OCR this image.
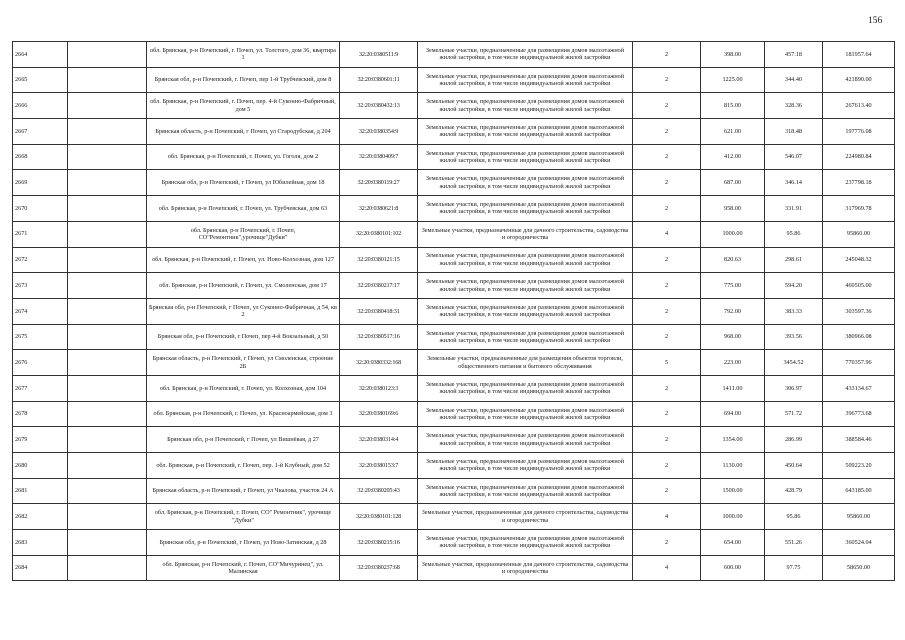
156
2664		обл. Брянская, р-н Почепский, г. Почеп, ул. Толстого, дом 36, квартира 1	32:20:0380511:9	Земельные участки, предназначенные для размещения домов малоэтажной жилой застройки, в том числе индивидуальной жилой застройки	2	398.00	457.18	181957.64
2665		Брянская обл, р-н Почепский, г. Почеп, пер 1-й Трубчевский, дом 8	32:20:0380601:11	Земельные участки, предназначенные для размещения домов малоэтажной жилой застройки, в том числе индивидуальной жилой застройки	2	1225.00	344.40	421890.00
2666		обл. Брянская, р-н Почепский, г. Почеп, пер. 4-й Суконно-Фабричный, дом 5	32:20:0380432:13	Земельные участки, предназначенные для размещения домов малоэтажной жилой застройки, в том числе индивидуальной жилой застройки	2	815.00	328.36	267613.40
2667		Брянская область, р-н Почепский, г Почеп, ул Стародубская, д 204	32:20:0380354:9	Земельные участки, предназначенные для размещения домов малоэтажной жилой застройки, в том числе индивидуальной жилой застройки	2	621.00	318.48	197776.08
2668		обл. Брянская, р-н Почепский, г. Почеп, ул. Гоголя, дом 2	32:20:0380409:7	Земельные участки, предназначенные для размещения домов малоэтажной жилой застройки, в том числе индивидуальной жилой застройки	2	412.00	546.07	224980.84
2669		Брянская обл, р-н Почепский, г Почеп, ул Юбилейная, дом 18	32:20:0380119:27	Земельные участки, предназначенные для размещения домов малоэтажной жилой застройки, в том числе индивидуальной жилой застройки	2	687.00	346.14	237798.18
2670		обл. Брянская, р-н Почепский, г. Почеп, ул. Трубчевская, дом 63	32:20:0380621:8	Земельные участки, предназначенные для размещения домов малоэтажной жилой застройки, в том числе индивидуальной жилой застройки	2	958.00	331.91	317969.78
2671		обл. Брянская, р-н Почепский, г. Почеп, СО"Ремонтник",урочище"Дубки"	32:20:0380101:102	Земельные участки, предназначенные для дачного строительства, садоводства и огородничества	4	1000.00	95.86	95860.00
2672		обл. Брянская, р-н Почепский, г. Почеп, ул. Ново-Колхозная, дом 127	32:20:0380121:15	Земельные участки, предназначенные для размещения домов малоэтажной жилой застройки, в том числе индивидуальной жилой застройки	2	820.63	298.61	245048.32
2673		обл. Брянская, р-н Почепский, г. Почеп, ул. Смоленская, дом 17	32:20:0380217:17	Земельные участки, предназначенные для размещения домов малоэтажной жилой застройки, в том числе индивидуальной жилой застройки	2	775.00	594.20	460505.00
2674		Брянская обл, р-н Почепский, г Почеп, ул Суконно-Фабричная, д 54, кв 2	32:20:0380418:31	Земельные участки, предназначенные для размещения домов малоэтажной жилой застройки, в том числе индивидуальной жилой застройки	2	792.00	383.33	303597.36
2675		Брянская обл, р-н Почепский, г Почеп, пер 4-й Вокзальный, д 50	32:20:0380517:16	Земельные участки, предназначенные для размещения домов малоэтажной жилой застройки, в том числе индивидуальной жилой застройки	2	968.00	393.56	380966.08
2676		Брянская область, р-н Почепский, г Почеп, ул Смоленская, строение 2Б	32:20:0380332:168	Земельные участки, предназначенные для размещения объектов торговли, общественного питания и бытового обслуживания	5	223.00	3454.52	770357.96
2677		обл. Брянская, р-н Почепский, г. Почеп, ул. Колхозная, дом 104	32:20:0380123:3	Земельные участки, предназначенные для размещения домов малоэтажной жилой застройки, в том числе индивидуальной жилой застройки	2	1411.00	306.97	433134.67
2678		обл. Брянская, р-н Почепский, г. Почеп, ул. Красноармейская, дом 3	32:20:0380169:6	Земельные участки, предназначенные для размещения домов малоэтажной жилой застройки, в том числе индивидуальной жилой застройки	2	694.00	571.72	396773.68
2679		Брянская обл, р-н Почепский, г Почеп, ул Вишнёвая, д 27	32:20:0380314:4	Земельные участки, предназначенные для размещения домов малоэтажной жилой застройки, в том числе индивидуальной жилой застройки	2	1354.00	286.99	388584.46
2680		обл. Брянская, р-н Почепский, г. Почеп, пер. 1-й Клубный, дом 52	32:20:0380153:7	Земельные участки, предназначенные для размещения домов малоэтажной жилой застройки, в том числе индивидуальной жилой застройки	2	1130.00	450.64	509223.20
2681		Брянская область, р-н Почепский, г Почеп, ул Чкалова, участок 24 А	32:20:0380205:43	Земельные участки, предназначенные для размещения домов малоэтажной жилой застройки, в том числе индивидуальной жилой застройки	2	1500.00	428.79	643185.00
2682		обл. Брянская, р-н Почепский, г. Почеп, СО" Ремонтник", урочище "Дубки"	32:20:0380101:128	Земельные участки, предназначенные для дачного строительства, садоводства и огородничества	4	1000.00	95.86	95860.00
2683		Брянская обл, р-н Почепский, г Почеп, ул Ново-Затинская, д 28	32:20:0380215:16	Земельные участки, предназначенные для размещения домов малоэтажной жилой застройки, в том числе индивидуальной жилой застройки	2	654.00	551.26	360524.04
2684		обл. Брянская, р-н Почепский, г. Почеп, СО"Мичуринец", ул. Малинская	32:20:0380237:68	Земельные участки, предназначенные для дачного строительства, садоводства и огородничества	4	600.00	97.75	58650.00
